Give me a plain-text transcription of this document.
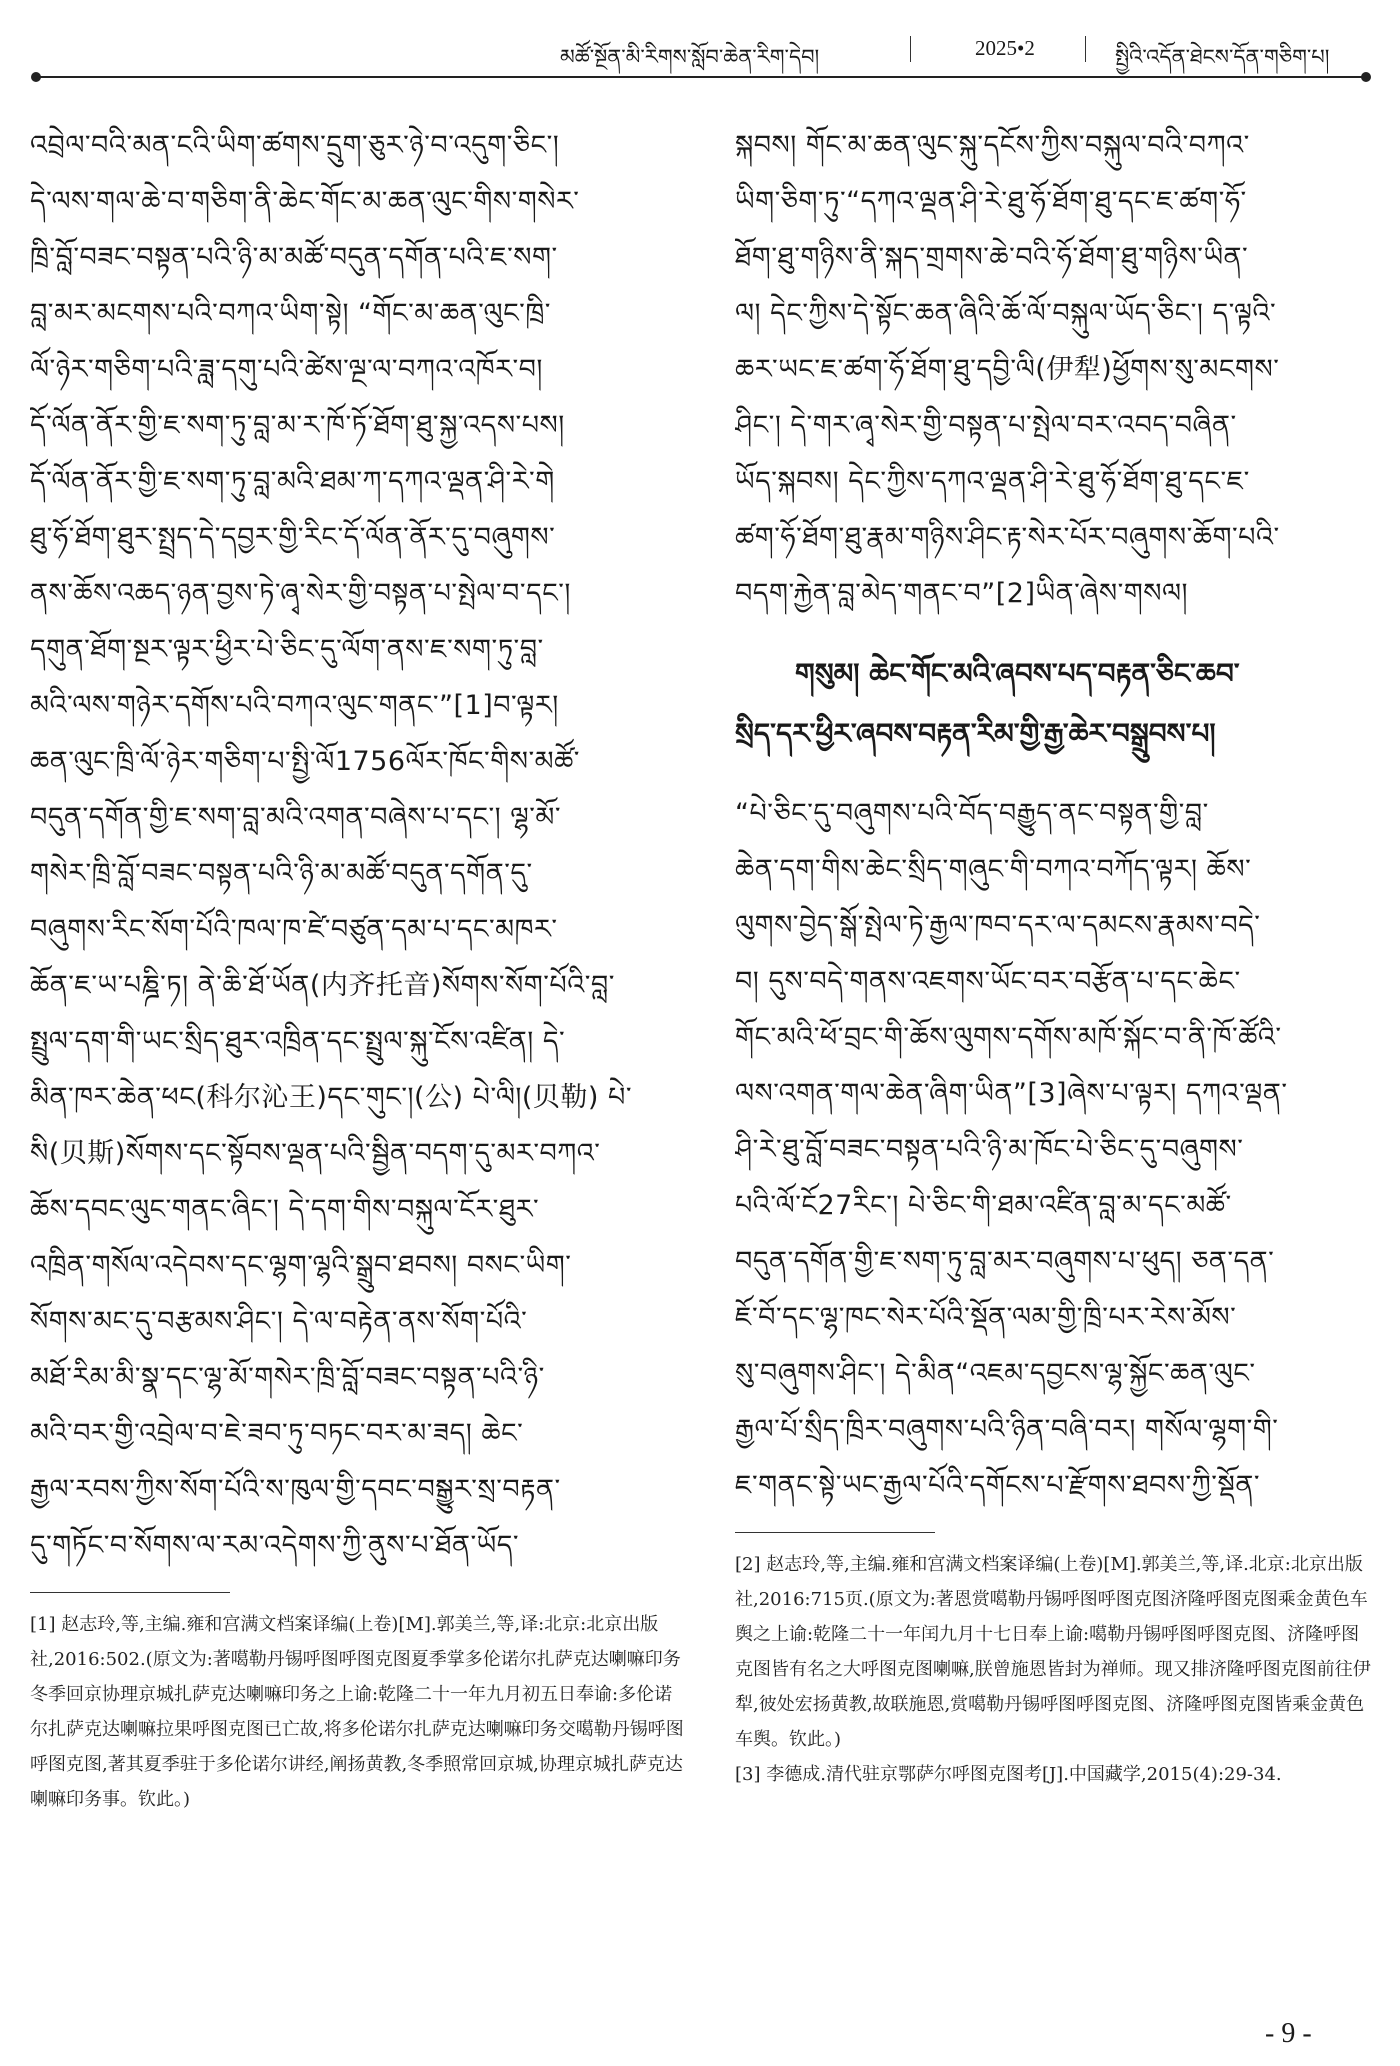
མཚོ་སྔོན་མི་རིགས་སློབ་ཆེན་རིག་དེབ།	2025•2	སྤྱིའི་འདོན་ཐེངས་དོན་གཅིག་པ།
འབྲེལ་བའི་མན་ངའི་ཡིག་ཚགས་དྲུག་ཅུར་ཉེ་བ་འདུག་ཅིང་།
དེ་ལས་གལ་ཆེ་བ་གཅིག་ནི་ཆེང་གོང་མ་ཆན་ལུང་གིས་གསེར་
ཁྲི་བློ་བཟང་བསྟན་པའི་ཉི་མ་མཚོ་བདུན་དགོན་པའི་ཇ་སག་
བླ་མར་མངགས་པའི་བཀའ་ཡིག་སྟེ། “གོང་མ་ཆན་ལུང་ཁྲི་
ལོ་ཉེར་གཅིག་པའི་ཟླ་དགུ་པའི་ཚེས་ལྔ་ལ་བཀའ་འཁོར་བ།
དོ་ལོན་ནོར་གྱི་ཇ་སག་ཏུ་བླ་མ་ར་ཁོ་ཏོ་ཐོག་ཐུ་སྐྱ་འདས་པས།
དོ་ལོན་ནོར་གྱི་ཇ་སག་ཏུ་བླ་མའི་ཐམ་ཀ་དཀའ་ལྡན་ཤི་རེ་གེ
ཐུ་ཧོ་ཐོག་ཐུར་སྤྲད་དེ་དབྱར་གྱི་རིང་དོ་ལོན་ནོར་དུ་བཞུགས་
ནས་ཆོས་འཆད་ཉན་བྱས་ཏེ་ཞྭ་སེར་གྱི་བསྟན་པ་སྤེལ་བ་དང་།
དགུན་ཐོག་སྔར་ལྟར་ཕྱིར་པེ་ཅིང་དུ་ལོག་ནས་ཇ་སག་ཏུ་བླ་
མའི་ལས་གཉེར་དགོས་པའི་བཀའ་ལུང་གནང་”[1]བ་ལྟར།
ཆན་ལུང་ཁྲི་ལོ་ཉེར་གཅིག་པ་སྤྱི་ལོ1756ལོར་ཁོང་གིས་མཚོ་
བདུན་དགོན་གྱི་ཇ་སག་བླ་མའི་འགན་བཞེས་པ་དང་། ལྷ་མོ་
གསེར་ཁྲི་བློ་བཟང་བསྟན་པའི་ཉི་མ་མཚོ་བདུན་དགོན་དུ་
བཞུགས་རིང་སོག་པོའི་ཁལ་ཁ་ཛེ་བཙུན་དམ་པ་དང་མཁར་
ཆོན་ཇ་ཡ་པཎྜི་ཏ། ནེ་ཆི་ཐོ་ཡོན(内齐托音)སོགས་སོག་པོའི་བླ་
སྤྲུལ་དག་གི་ཡང་སྲིད་ཐུར་འཁྲིན་དང་སྤྲུལ་སྐུ་ངོས་འཛིན། དེ་
མིན་ཁར་ཆེན་ཕང(科尔沁王)དང་གུང་།(公) པེ་ལི།(贝勒) པེ་
སི(贝斯)སོགས་དང་སྟོབས་ལྡན་པའི་སྦྱིན་བདག་དུ་མར་བཀའ་
ཆོས་དབང་ལུང་གནང་ཞིང་། དེ་དག་གིས་བསྐུལ་ངོར་ཐུར་
འཁྲིན་གསོལ་འདེབས་དང་ལྷག་ལྷའི་སྒྲུབ་ཐབས། བསང་ཡིག་
སོགས་མང་དུ་བརྩམས་ཤིང་། དེ་ལ་བརྟེན་ནས་སོག་པོའི་
མཐོ་རིམ་མི་སྣ་དང་ལྷ་མོ་གསེར་ཁྲི་བློ་བཟང་བསྟན་པའི་ཉི་
མའི་བར་གྱི་འབྲེལ་བ་ཇེ་ཟབ་ཏུ་བཏང་བར་མ་ཟད། ཆེང་
རྒྱལ་རབས་ཀྱིས་སོག་པོའི་ས་ཁུལ་གྱི་དབང་བསྒྱུར་སྲ་བརྟན་
དུ་གཏོང་བ་སོགས་ལ་རམ་འདེགས་ཀྱི་ནུས་པ་ཐོན་ཡོད་

[1] 赵志玲,等,主编.雍和宫满文档案译编(上卷)[M].郭美兰,等,译:北京:北京出版社,2016:502.(原文为:著噶勒丹锡呼图呼图克图夏季掌多伦诺尔扎萨克达喇嘛印务冬季回京协理京城扎萨克达喇嘛印务之上谕:乾隆二十一年九月初五日奉谕:多伦诺尔扎萨克达喇嘛拉果呼图克图已亡故,将多伦诺尔扎萨克达喇嘛印务交噶勒丹锡呼图呼图克图,著其夏季驻于多伦诺尔讲经,阐扬黄教,冬季照常回京城,协理京城扎萨克达喇嘛印务事。钦此。)

སྐབས། གོང་མ་ཆན་ལུང་སྐུ་དངོས་ཀྱིས་བསྐུལ་བའི་བཀའ་
ཡིག་ཅིག་ཏུ་“དཀའ་ལྡན་ཤི་རེ་ཐུ་ཧོ་ཐོག་ཐུ་དང་ཇ་ཚག་ཧོ་
ཐོག་ཐུ་གཉིས་ནི་སྐད་གྲགས་ཆེ་བའི་ཧོ་ཐོག་ཐུ་གཉིས་ཡིན་
ལ། དེང་ཀྱིས་དེ་སྟོང་ཆན་ཞིའི་ཆོ་ལོ་བསྐུལ་ཡོད་ཅིང་། ད་ལྟའི་
ཆར་ཡང་ཇ་ཚག་ཧོ་ཐོག་ཐུ་དབྱི་ལི(伊犁)ཕྱོགས་སུ་མངགས་
ཤིང་། དེ་གར་ཞྭ་སེར་གྱི་བསྟན་པ་སྤེལ་བར་འབད་བཞིན་
ཡོད་སྐབས། དེང་ཀྱིས་དཀའ་ལྡན་ཤི་རེ་ཐུ་ཧོ་ཐོག་ཐུ་དང་ཇ་
ཚག་ཧོ་ཐོག་ཐུ་རྣམ་གཉིས་ཤིང་རྟ་སེར་པོར་བཞུགས་ཆོག་པའི་
བདག་རྐྱེན་བླ་མེད་གནང་བ”[2]ཡིན་ཞེས་གསལ།
གསུམ། ཆེང་གོང་མའི་ཞབས་པད་བརྟན་ཅིང་ཆབ་
སྲིད་དར་ཕྱིར་ཞབས་བརྟན་རིམ་གྱི་རྒྱ་ཆེར་བསྒྲུབས་པ།
“པེ་ཅིང་དུ་བཞུགས་པའི་བོད་བརྒྱུད་ནང་བསྟན་གྱི་བླ་
ཆེན་དག་གིས་ཆེང་སྲིད་གཞུང་གི་བཀའ་བཀོད་ལྟར། ཆོས་
ལུགས་བྱེད་སྒོ་སྤེལ་ཏེ་རྒྱལ་ཁབ་དར་ལ་དམངས་རྣམས་བདེ་
བ། དུས་བདེ་གནས་འཇགས་ཡོང་བར་བརྩོན་པ་དང་ཆེང་
གོང་མའི་ཕོ་བྲང་གི་ཆོས་ལུགས་དགོས་མཁོ་སྐོང་བ་ནི་ཁོ་ཚོའི་
ལས་འགན་གལ་ཆེན་ཞིག་ཡིན”[3]ཞེས་པ་ལྟར། དཀའ་ལྡན་
ཤི་རེ་ཐུ་བློ་བཟང་བསྟན་པའི་ཉི་མ་ཁོང་པེ་ཅིང་དུ་བཞུགས་
པའི་ལོ་ངོ27རིང་། པེ་ཅིང་གི་ཐམ་འཛིན་བླ་མ་དང་མཚོ་
བདུན་དགོན་གྱི་ཇ་སག་ཏུ་བླ་མར་བཞུགས་པ་ཕུད། ཅན་དན་
ཇོ་བོ་དང་ལྷ་ཁང་སེར་པོའི་སྡོན་ལམ་གྱི་ཁྲི་པར་རེས་མོས་
སུ་བཞུགས་ཤིང་། དེ་མིན“འཇམ་དབྱངས་ལྷ་སྐྱོང་ཆན་ལུང་
རྒྱལ་པོ་སྲིད་ཁྲིར་བཞུགས་པའི་ཉིན་བཞི་བར། གསོལ་ལྷག་གི་
ཇ་གནང་སྟེ་ཡང་རྒྱལ་པོའི་དགོངས་པ་རྫོགས་ཐབས་ཀྱི་སྡོན་

[2] 赵志玲,等,主编.雍和宫满文档案译编(上卷)[M].郭美兰,等,译.北京:北京出版社,2016:715页.(原文为:著恩赏噶勒丹锡呼图呼图克图济隆呼图克图乘金黄色车舆之上谕:乾隆二十一年闰九月十七日奉上谕:噶勒丹锡呼图呼图克图、济隆呼图克图皆有名之大呼图克图喇嘛,朕曾施恩皆封为禅师。现又排济隆呼图克图前往伊犁,彼处宏扬黄教,故联施恩,赏噶勒丹锡呼图呼图克图、济隆呼图克图皆乘金黄色车舆。钦此。)

[3] 李德成.清代驻京鄂萨尔呼图克图考[J].中国藏学,2015(4):29-34.

- 9 -
